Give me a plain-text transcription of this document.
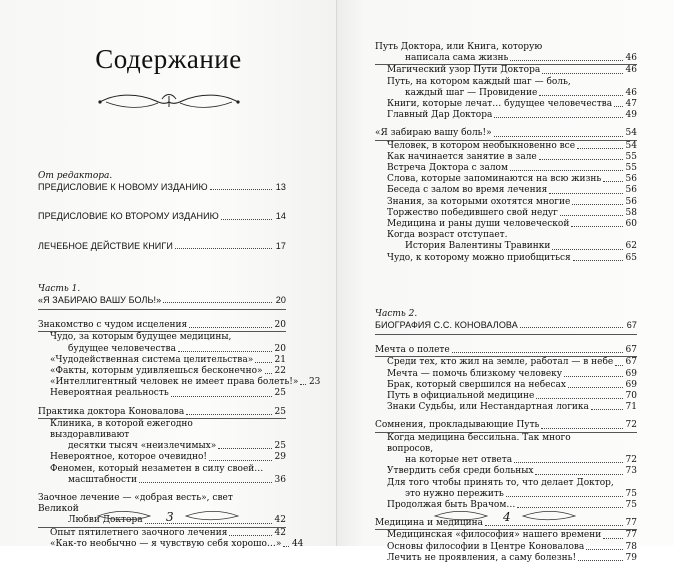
Содержание
От редактора.
ПРЕДИСЛОВИЕ К НОВОМУ ИЗДАНИЮ	13
ПРЕДИСЛОВИЕ КО ВТОРОМУ ИЗДАНИЮ	14
ЛЕЧЕБНОЕ ДЕЙСТВИЕ КНИГИ	17
Часть 1.
«Я ЗАБИРАЮ ВАШУ БОЛЬ!»	20
Знакомство с чудом исцеления	20
Чудо, за которым будущее медицины,
будущее человечества	20
«Чудодейственная система целительства» 21
«Факты, которым удивляешься бесконечно» 22
«Интеллигентный человек не имеет права болеть!» 23
Невероятная реальность	25
Практика доктора Коновалова	25
Клиника, в которой ежегодно выздоравливают
десятки тысяч «неизлечимых»	25
Невероятное, которое очевидно!	29
Феномен, который незаметен в силу своей…
масштабности	36
Заочное лечение — «добрая весть», свет Великой
Любви Доктора	42
Опыт пятилетнего заочного лечения	42
«Как-то необычно — я чувствую себя хорошо…» 44
3
Путь Доктора, или Книга, которую
написала сама жизнь	46
Магический узор Пути Доктора	46
Путь, на котором каждый шаг — боль,
каждый шаг — Провидение	46
Книги, которые лечат… будущее человечества 47
Главный Дар Доктора	49
«Я забираю вашу боль!»	54
Человек, в котором необыкновенно все	54
Как начинается занятие в зале	55
Встреча Доктора с залом	55
Слова, которые запоминаются на всю жизнь	56
Беседа с залом во время лечения	56
Знания, за которыми охотятся многие	56
Торжество победившего свой недуг	58
Медицина и раны души человеческой	60
Когда возраст отступает.
История Валентины Травинки	62
Чудо, к которому можно приобщиться	65
Часть 2.
БИОГРАФИЯ С.С. КОНОВАЛОВА	67
Мечта о полете	67
Среди тех, кто жил на земле, работал — в небе 67
Мечта — помочь близкому человеку	69
Брак, который свершился на небесах	69
Путь в официальной медицине	70
Знаки Судьбы, или Нестандартная логика	71
Сомнения, прокладывающие Путь	72
Когда медицина бессильна. Так много вопросов,
на которые нет ответа	72
Утвердить себя среди больных	73
Для того чтобы принять то, что делает Доктор,
это нужно пережить	75
Продолжая быть Врачом…	75
Медицина и медицина	77
Медицинская «философия» нашего времени	77
Основы философии в Центре Коновалова	78
Лечить не проявления, а саму болезнь!	79
4
